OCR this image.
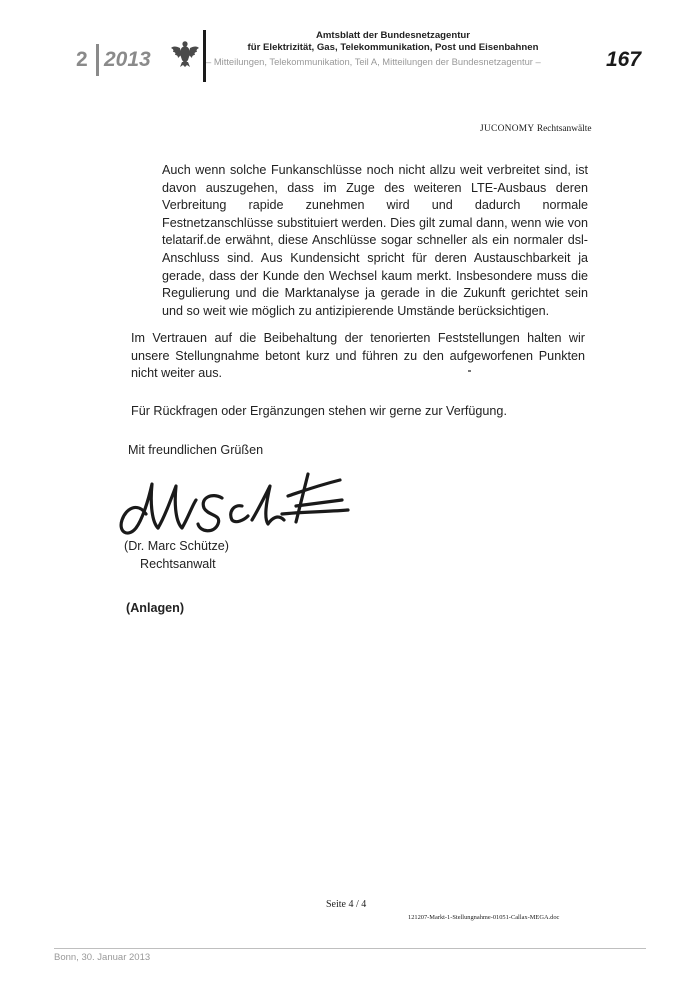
2 2013
Amtsblatt der Bundesnetzagentur
für Elektrizität, Gas, Telekommunikation, Post und Eisenbahnen
– Mitteilungen, Telekommunikation, Teil A, Mitteilungen der Bundesnetzagentur –	167
JUCONOMY Rechtsanwälte
Auch wenn solche Funkanschlüsse noch nicht allzu weit verbreitet sind, ist davon auszugehen, dass im Zuge des weiteren LTE-Ausbaus deren Verbreitung rapide zunehmen wird und dadurch normale Festnetzanschlüsse substituiert werden. Dies gilt zumal dann, wenn wie von telatarif.de erwähnt, diese Anschlüsse sogar schneller als ein normaler dsl-Anschluss sind. Aus Kundensicht spricht für deren Austauschbarkeit ja gerade, dass der Kunde den Wechsel kaum merkt. Insbesondere muss die Regulierung und die Marktanalyse ja gerade in die Zukunft gerichtet sein und so weit wie möglich zu antizipierende Umstände berücksichtigen.
Im Vertrauen auf die Beibehaltung der tenorierten Feststellungen halten wir unsere Stellungnahme betont kurz und führen zu den aufgeworfenen Punkten nicht weiter aus.
Für Rückfragen oder Ergänzungen stehen wir gerne zur Verfügung.
Mit freundlichen Grüßen
(Dr. Marc Schütze)
Rechtsanwalt
(Anlagen)
Seite 4 / 4
121207-Markt-1-Stellungnahme-01051-Callax-MEGA.doc
Bonn, 30. Januar 2013
